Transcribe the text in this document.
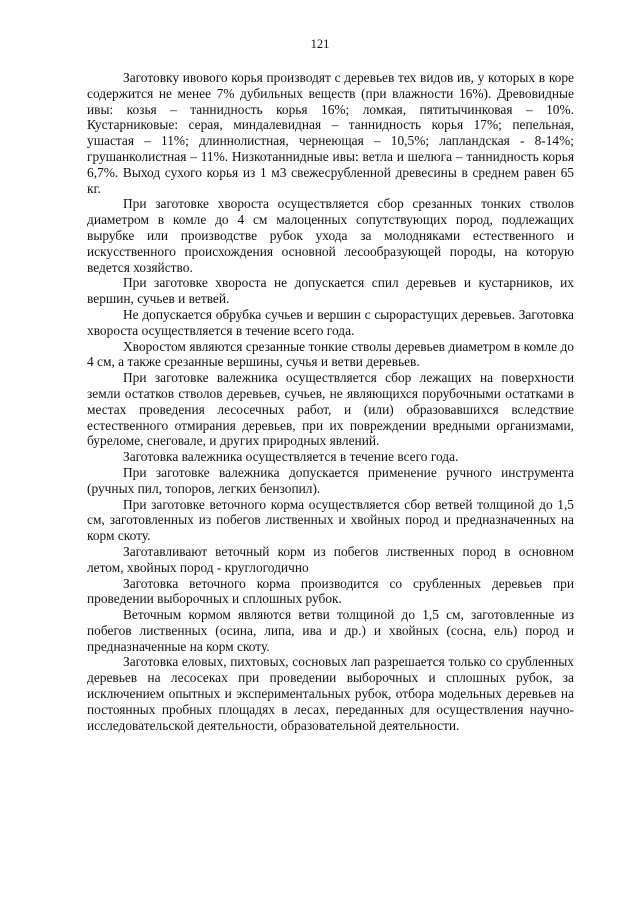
121

Заготовку ивового корья производят с деревьев тех видов ив, у которых в коре содержится не менее 7% дубильных веществ (при влажности 16%). Древовидные ивы: козья – таннидность корья 16%; ломкая, пятитычинковая – 10%. Кустарниковые: серая, миндалевидная – таннидность корья 17%; пепельная, ушастая – 11%; длиннолистная, чернеющая – 10,5%; лапландская - 8-14%; грушанколистная – 11%. Низкотаннидные ивы: ветла и шелюга – таннидность корья 6,7%. Выход сухого корья из 1 м3 свежесрубленной древесины в среднем равен 65 кг.

При заготовке хвороста осуществляется сбор срезанных тонких стволов диаметром в комле до 4 см малоценных сопутствующих пород, подлежащих вырубке или производстве рубок ухода за молодняками естественного и искусственного происхождения основной лесообразующей породы, на которую ведется хозяйство.

При заготовке хвороста не допускается спил деревьев и кустарников, их вершин, сучьев и ветвей.

Не допускается обрубка сучьев и вершин с сырорастущих деревьев. Заготовка хвороста осуществляется в течение всего года.

Хворостом являются срезанные тонкие стволы деревьев диаметром в комле до 4 см, а также срезанные вершины, сучья и ветви деревьев.

При заготовке валежника осуществляется сбор лежащих на поверхности земли остатков стволов деревьев, сучьев, не являющихся порубочными остатками в местах проведения лесосечных работ, и (или) образовавшихся вследствие естественного отмирания деревьев, при их повреждении вредными организмами, буреломе, снеговале, и других природных явлений.

Заготовка валежника осуществляется в течение всего года.

При заготовке валежника допускается применение ручного инструмента (ручных пил, топоров, легких бензопил).

При заготовке веточного корма осуществляется сбор ветвей толщиной до 1,5 см, заготовленных из побегов лиственных и хвойных пород и предназначенных на корм скоту.

Заготавливают веточный корм из побегов лиственных пород в основном летом, хвойных пород - круглогодично

Заготовка веточного корма производится со срубленных деревьев при проведении выборочных и сплошных рубок.

Веточным кормом являются ветви толщиной до 1,5 см, заготовленные из побегов лиственных (осина, липа, ива и др.) и хвойных (сосна, ель) пород и предназначенные на корм скоту.

Заготовка еловых, пихтовых, сосновых лап разрешается только со срубленных деревьев на лесосеках при проведении выборочных и сплошных рубок, за исключением опытных и экспериментальных рубок, отбора модельных деревьев на постоянных пробных площадях в лесах, переданных для осуществления научно-исследовательской деятельности, образовательной деятельности.
